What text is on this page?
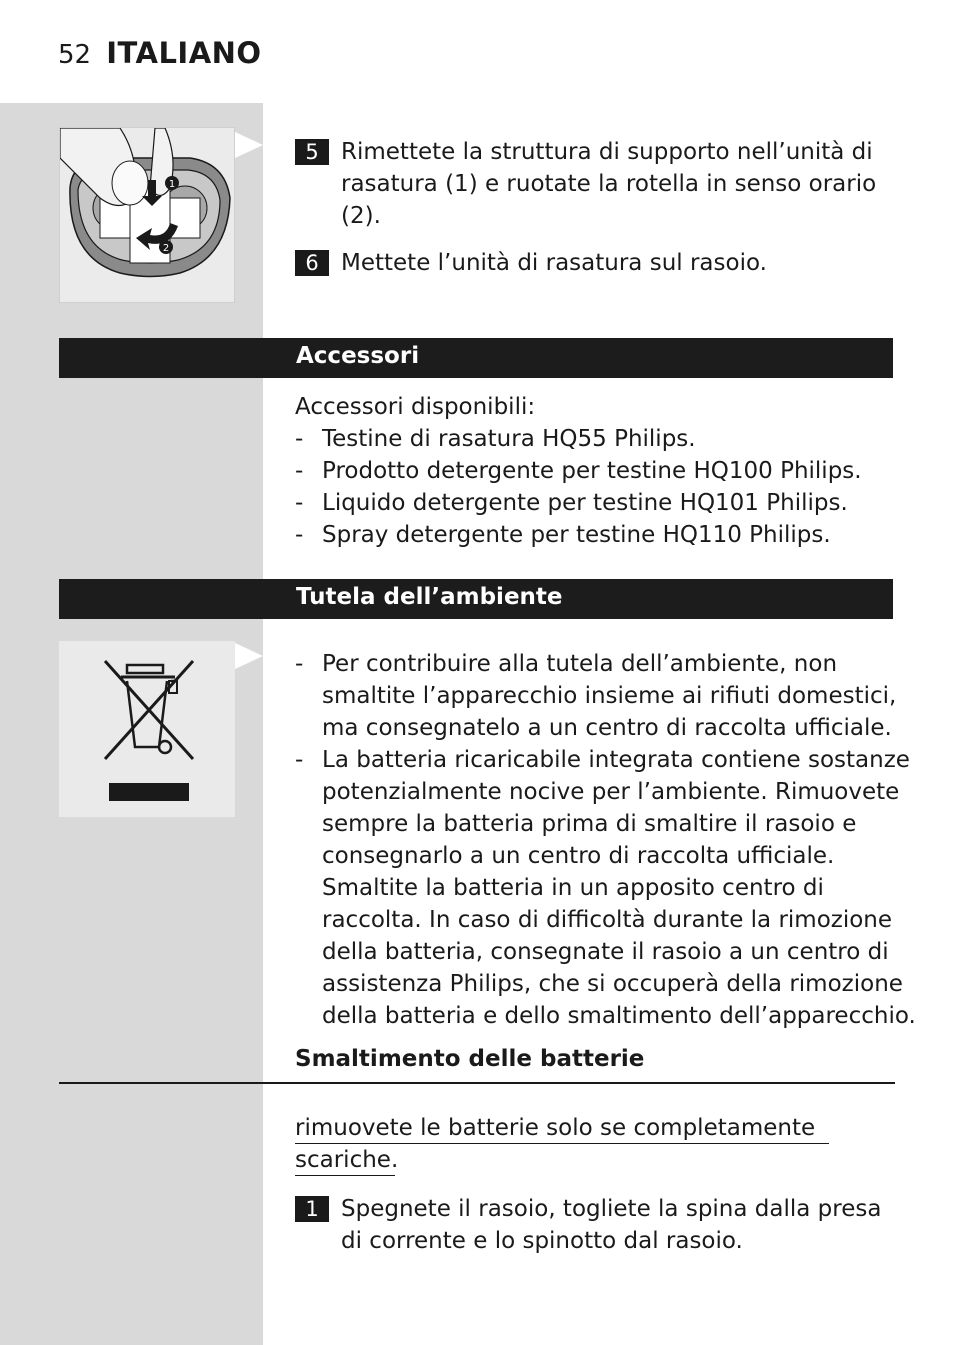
52 ITALIANO
1
2
5 Rimettete la struttura di supporto nell’unità di
rasatura (1) e ruotate la rotella in senso orario
(2).
6 Mettete l’unità di rasatura sul rasoio.
Accessori
Accessori disponibili:
- Testine di rasatura HQ55 Philips.
- Prodotto detergente per testine HQ100 Philips.
- Liquido detergente per testine HQ101 Philips.
- Spray detergente per testine HQ110 Philips.
Tutela dell’ambiente
- Per contribuire alla tutela dell’ambiente, non
smaltite l’apparecchio insieme ai rifiuti domestici,
ma consegnatelo a un centro di raccolta ufficiale.
- La batteria ricaricabile integrata contiene sostanze
potenzialmente nocive per l’ambiente. Rimuovete
sempre la batteria prima di smaltire il rasoio e
consegnarlo a un centro di raccolta ufficiale.
Smaltite la batteria in un apposito centro di
raccolta. In caso di difficoltà durante la rimozione
della batteria, consegnate il rasoio a un centro di
assistenza Philips, che si occuperà della rimozione
della batteria e dello smaltimento dell’apparecchio.
Smaltimento delle batterie
rimuovete le batterie solo se completamente
scariche.
1 Spegnete il rasoio, togliete la spina dalla presa
di corrente e lo spinotto dal rasoio.
